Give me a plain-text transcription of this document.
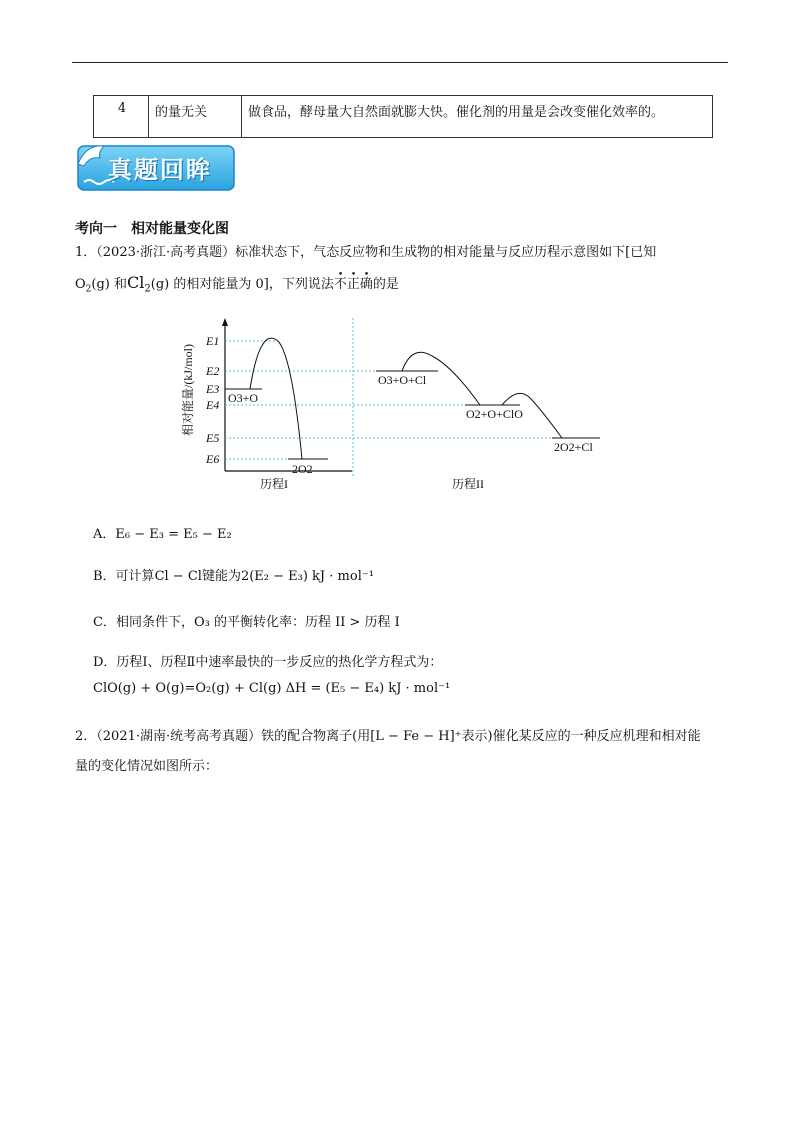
4	的量无关	做食品，酵母量大自然面就膨大快。催化剂的用量是会改变催化效率的。
真题回眸
考向一 相对能量变化图
1．（2023·浙江·高考真题）标准状态下，气态反应物和生成物的相对能量与反应历程示意图如下[已知
$O_2(g)$ 和$Cl_2(g)$ 的相对能量为 0]，下列说法不正确的是
相对能量/(kJ/mol)
E1
E2
E3
E4
E5
E6
O3+O
2O2
O3+O+Cl
O2+O+ClO
2O2+Cl
历程I	历程II
A．E₆ − E₃ = E₅ − E₂
B．可计算Cl − Cl键能为2(E₂ − E₃) kJ · mol⁻¹
C．相同条件下，O₃ 的平衡转化率：历程 II > 历程 I
D．历程Ⅰ、历程Ⅱ中速率最快的一步反应的热化学方程式为：
ClO(g) + O(g)=O₂(g) + Cl(g) ΔH = (E₅ − E₄) kJ · mol⁻¹
2．（2021·湖南·统考高考真题）铁的配合物离子(用[L − Fe − H]⁺表示)催化某反应的一种反应机理和相对能
量的变化情况如图所示：
